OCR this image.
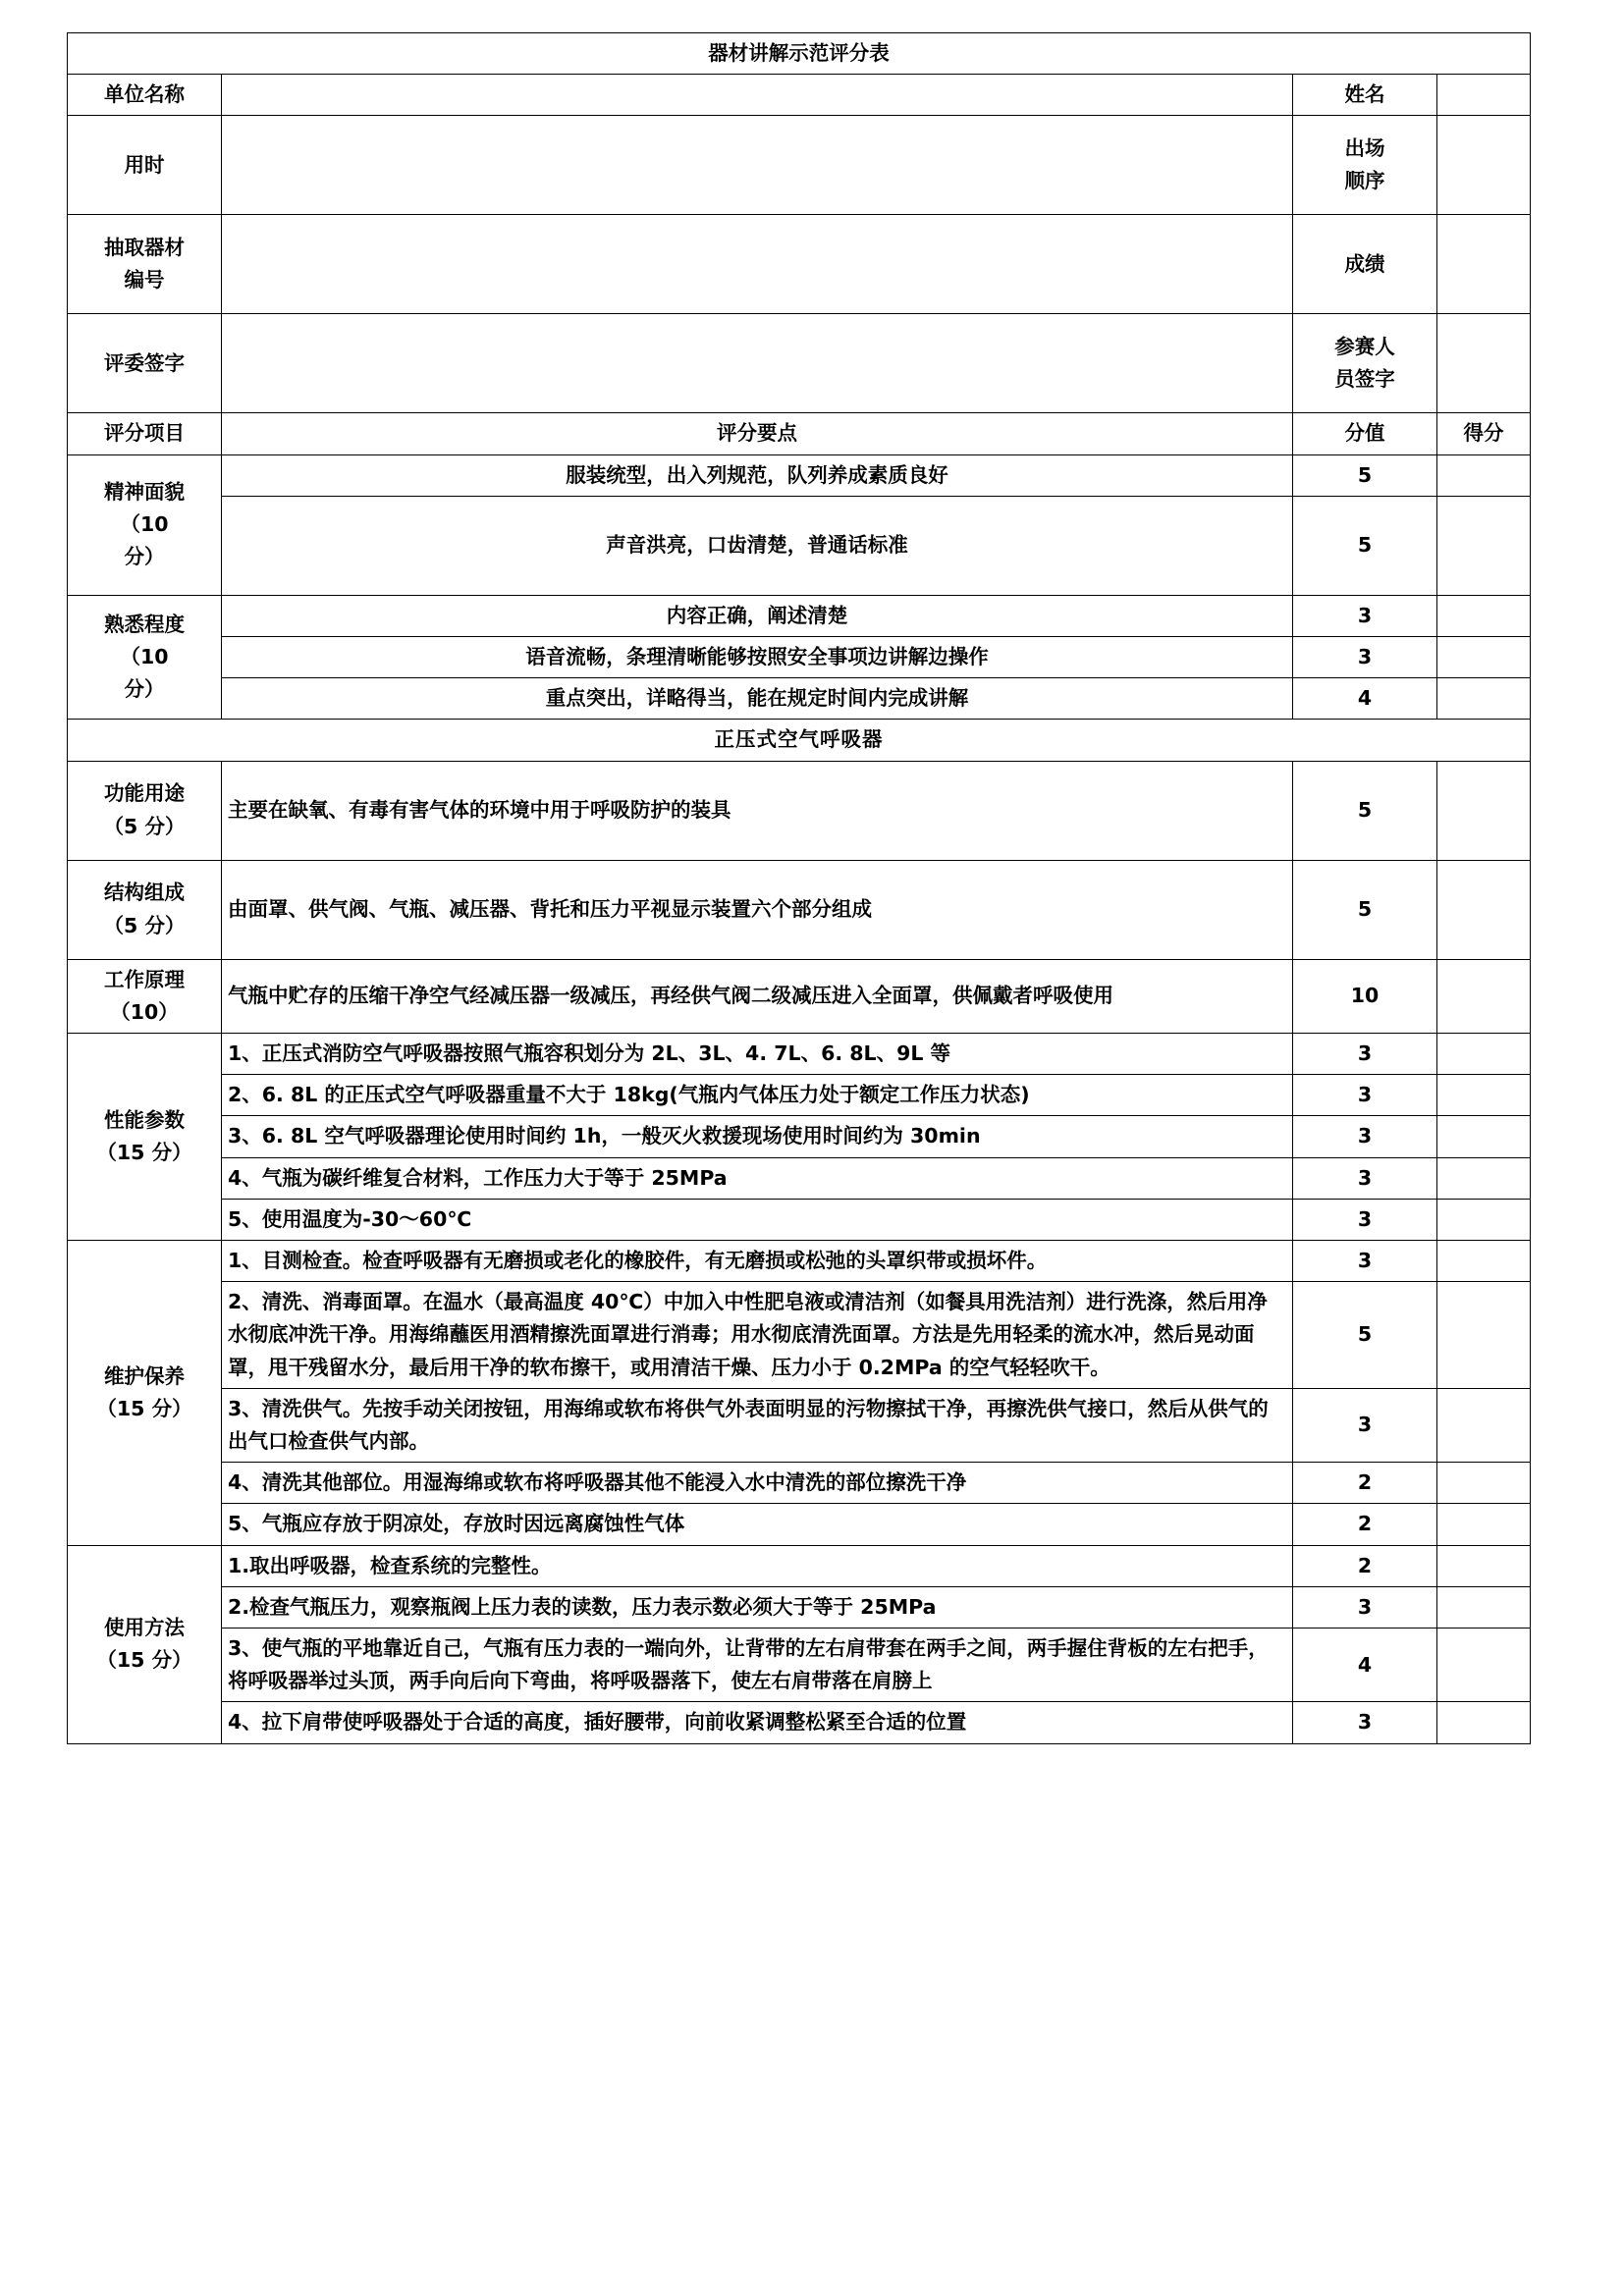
器材讲解示范评分表			
单位名称		姓名	
用时		出场
顺序	

抽取器材
编号		成绩	
评委签字		参赛人
员签字	

评分项目	评分要点	分值	得分

精神面貌
（10
分）	服装统型，出入列规范，队列养成素质良好	5	
	声音洪亮，口齿清楚，普通话标准	5	

熟悉程度
（10
分）	内容正确，阐述清楚	3	
	语音流畅，条理清晰能够按照安全事项边讲解边操作	3	
	重点突出，详略得当，能在规定时间内完成讲解	4	
正压式空气呼吸器			

功能用途
（5 分）	主要在缺氧、有毒有害气体的环境中用于呼吸防护的装具	5	

结构组成
（5 分）	由面罩、供气阀、气瓶、减压器、背托和压力平视显示装置六个部分组成	5	

工作原理
（10）	气瓶中贮存的压缩干净空气经减压器一级减压，再经供气阀二级减压进入全面罩，供佩戴者呼吸使用	10	

性能参数
（15 分）	1、正压式消防空气呼吸器按照气瓶容积划分为 2L、3L、4. 7L、6. 8L、9L 等	3	
	2、6. 8L 的正压式空气呼吸器重量不大于 18kg(气瓶内气体压力处于额定工作压力状态)	3	
	3、6. 8L 空气呼吸器理论使用时间约 1h，一般灭火救援现场使用时间约为 30min	3	
	4、气瓶为碳纤维复合材料，工作压力大于等于 25MPa	3	
	5、使用温度为-30～60℃	3	

维护保养
（15 分）	1、目测检查。检查呼吸器有无磨损或老化的橡胶件，有无磨损或松弛的头罩织带或损坏件。	3	
	2、清洗、消毒面罩。在温水（最高温度 40℃）中加入中性肥皂液或清洁剂（如餐具用洗洁剂）进行洗涤，然后用净水彻底冲洗干净。用海绵蘸医用酒精擦洗面罩进行消毒；用水彻底清洗面罩。方法是先用轻柔的流水冲，然后晃动面罩，甩干残留水分，最后用干净的软布擦干，或用清洁干燥、压力小于 0.2MPa 的空气轻轻吹干。	5	
	3、清洗供气。先按手动关闭按钮，用海绵或软布将供气外表面明显的污物擦拭干净，再擦洗供气接口，然后从供气的出气口检查供气内部。	3	
	4、清洗其他部位。用湿海绵或软布将呼吸器其他不能浸入水中清洗的部位擦洗干净	2	
	5、气瓶应存放于阴凉处，存放时因远离腐蚀性气体	2	

使用方法
（15 分）	1.取出呼吸器，检查系统的完整性。	2	
	2.检查气瓶压力，观察瓶阀上压力表的读数，压力表示数必须大于等于 25MPa	3	
	3、使气瓶的平地靠近自己，气瓶有压力表的一端向外，让背带的左右肩带套在两手之间，两手握住背板的左右把手，将呼吸器举过头顶，两手向后向下弯曲，将呼吸器落下，使左右肩带落在肩膀上	4	
	4、拉下肩带使呼吸器处于合适的高度，插好腰带，向前收紧调整松紧至合适的位置	3	
